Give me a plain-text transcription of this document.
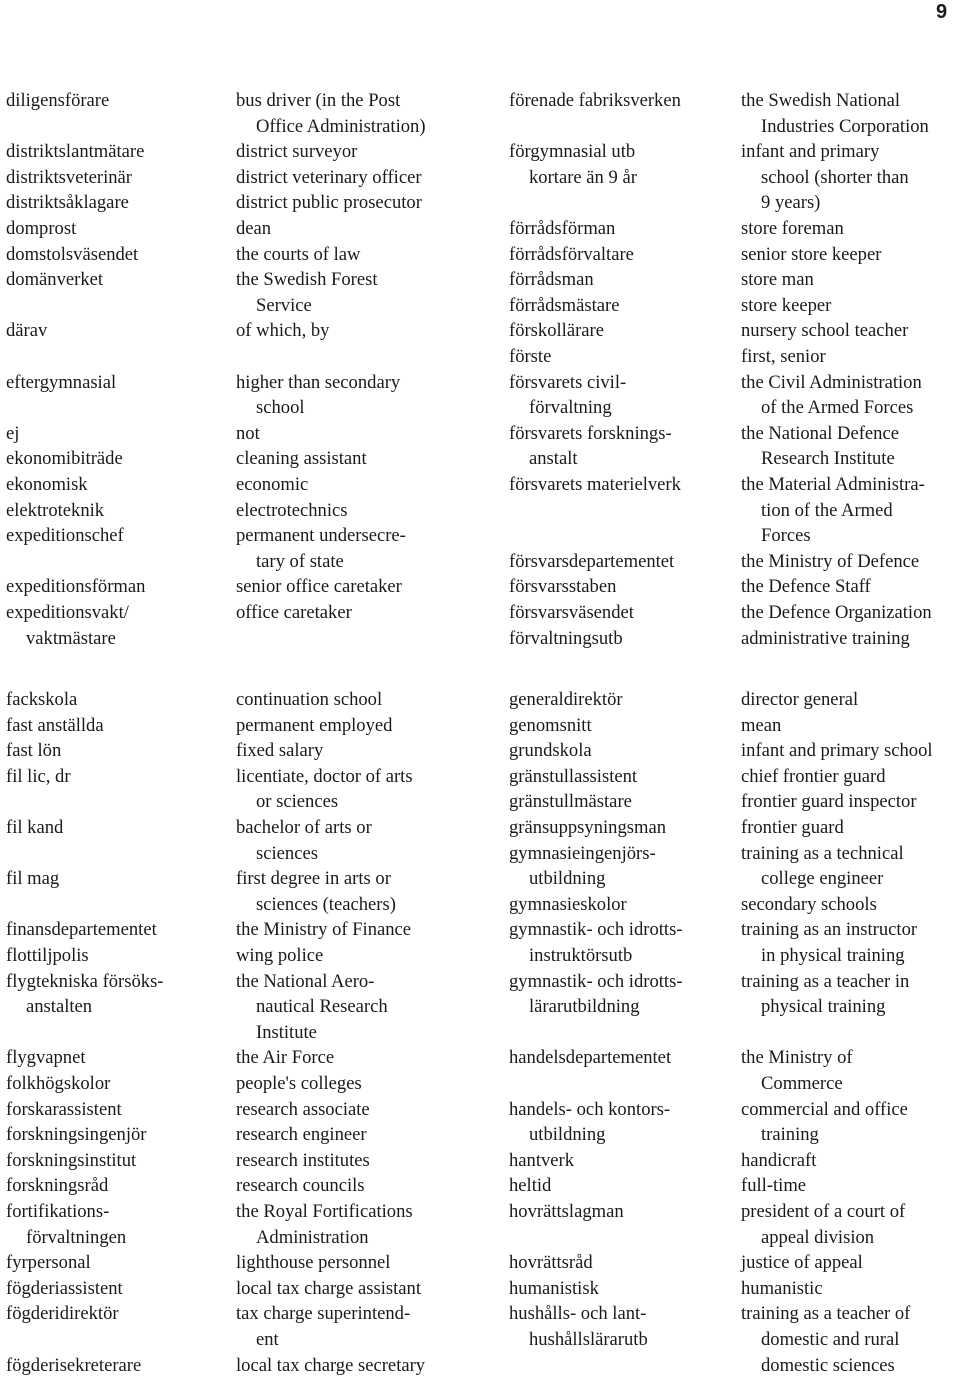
9
diligensförare
distriktslantmätare
distriktsveterinär
distriktsåklagare
domprost
domstolsväsendet
domänverket
därav
eftergymnasial
ej
ekonomibiträde
ekonomisk
elektroteknik
expeditionschef
expeditionsförman
expeditionsvakt/
vaktmästare
bus driver (in the Post
Office Administration)
district surveyor
district veterinary officer
district public prosecutor
dean
the courts of law
the Swedish Forest
Service
of which, by
higher than secondary
school
not
cleaning assistant
economic
electrotechnics
permanent undersecre-
tary of state
senior office caretaker
office caretaker
förenade fabriksverken
förgymnasial utb
kortare än 9 år
förrådsförman
förrådsförvaltare
förrådsman
förrådsmästare
förskollärare
förste
försvarets civil-
förvaltning
försvarets forsknings-
anstalt
försvarets materielverk
försvarsdepartementet
försvarsstaben
försvarsväsendet
förvaltningsutb
the Swedish National
Industries Corporation
infant and primary
school (shorter than
9 years)
store foreman
senior store keeper
store man
store keeper
nursery school teacher
first, senior
the Civil Administration
of the Armed Forces
the National Defence
Research Institute
the Material Administra-
tion of the Armed
Forces
the Ministry of Defence
the Defence Staff
the Defence Organization
administrative training
fackskola
fast anställda
fast lön
fil lic, dr
fil kand
fil mag
finansdepartementet
flottiljpolis
flygtekniska försöks-
anstalten
flygvapnet
folkhögskolor
forskarassistent
forskningsingenjör
forskningsinstitut
forskningsråd
fortifikations-
förvaltningen
fyrpersonal
fögderiassistent
fögderidirektör
fögderisekreterare
continuation school
permanent employed
fixed salary
licentiate, doctor of arts
or sciences
bachelor of arts or
sciences
first degree in arts or
sciences (teachers)
the Ministry of Finance
wing police
the National Aero-
nautical Research
Institute
the Air Force
people's colleges
research associate
research engineer
research institutes
research councils
the Royal Fortifications
Administration
lighthouse personnel
local tax charge assistant
tax charge superintend-
ent
local tax charge secretary
generaldirektör
genomsnitt
grundskola
gränstullassistent
gränstullmästare
gränsuppsyningsman
gymnasieingenjörs-
utbildning
gymnasieskolor
gymnastik- och idrotts-
instruktörsutb
gymnastik- och idrotts-
lärarutbildning
handelsdepartementet
handels- och kontors-
utbildning
hantverk
heltid
hovrättslagman
hovrättsråd
humanistisk
hushålls- och lant-
hushållslärarutb
director general
mean
infant and primary school
chief frontier guard
frontier guard inspector
frontier guard
training as a technical
college engineer
secondary schools
training as an instructor
in physical training
training as a teacher in
physical training
the Ministry of
Commerce
commercial and office
training
handicraft
full-time
president of a court of
appeal division
justice of appeal
humanistic
training as a teacher of
domestic and rural
domestic sciences
